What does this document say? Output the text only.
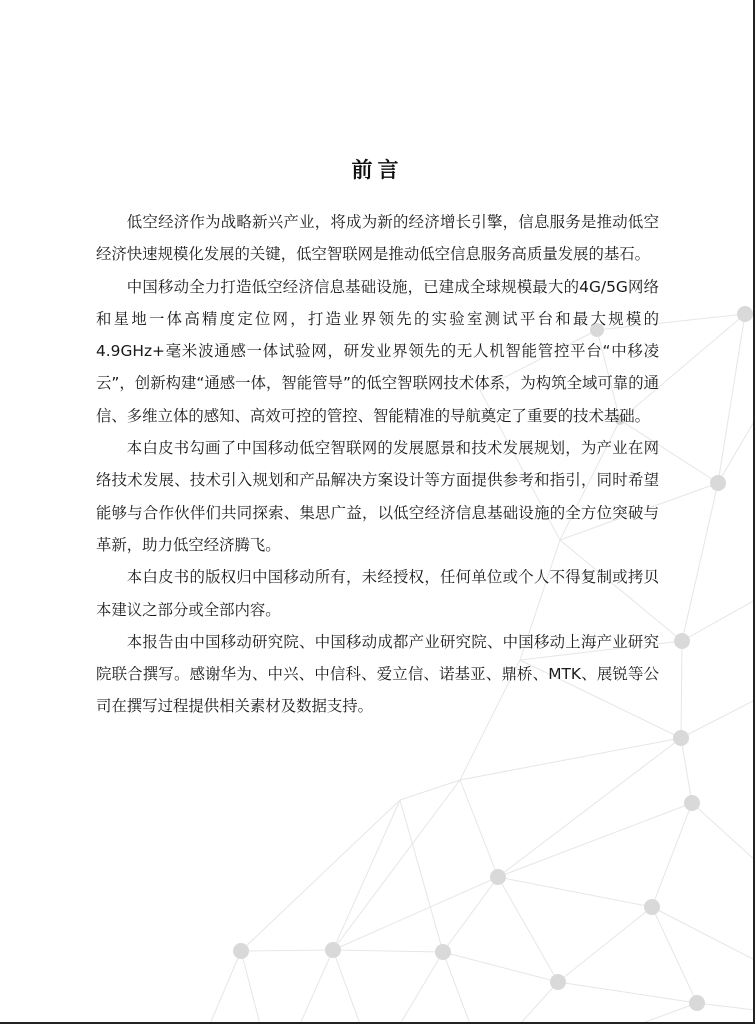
前言

低空经济作为战略新兴产业，将成为新的经济增长引擎，信息服务是推动低空经济快速规模化发展的关键，低空智联网是推动低空信息服务高质量发展的基石。

中国移动全力打造低空经济信息基础设施，已建成全球规模最大的4G/5G网络和星地一体高精度定位网，打造业界领先的实验室测试平台和最大规模的4.9GHz+毫米波通感一体试验网，研发业界领先的无人机智能管控平台“中移凌云”，创新构建“通感一体，智能管导”的低空智联网技术体系，为构筑全域可靠的通信、多维立体的感知、高效可控的管控、智能精准的导航奠定了重要的技术基础。

本白皮书勾画了中国移动低空智联网的发展愿景和技术发展规划，为产业在网络技术发展、技术引入规划和产品解决方案设计等方面提供参考和指引，同时希望能够与合作伙伴们共同探索、集思广益，以低空经济信息基础设施的全方位突破与革新，助力低空经济腾飞。

本白皮书的版权归中国移动所有，未经授权，任何单位或个人不得复制或拷贝本建议之部分或全部内容。

本报告由中国移动研究院、中国移动成都产业研究院、中国移动上海产业研究院联合撰写。感谢华为、中兴、中信科、爱立信、诺基亚、鼎桥、MTK、展锐等公司在撰写过程提供相关素材及数据支持。
